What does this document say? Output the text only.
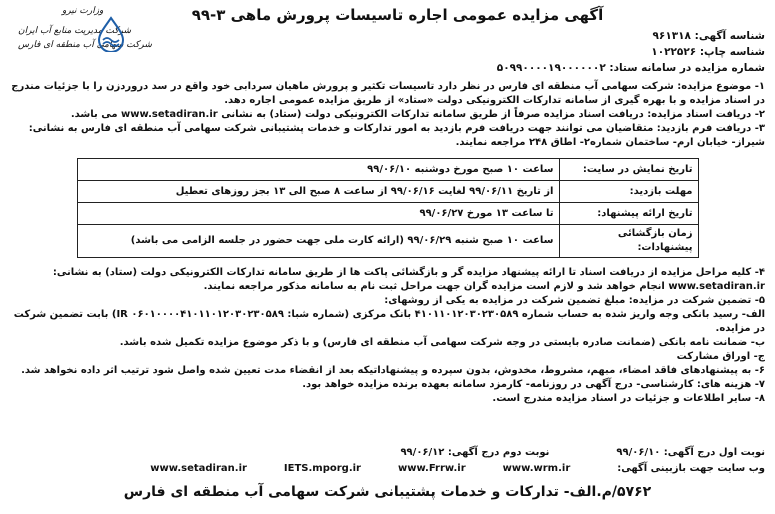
وزارت نیرو
شرکت مدیریت منابع آب ایران
شرکت سهامی آب منطقه ای فارس
آگهی مزایده عمومی اجاره تاسیسات پرورش ماهی ۳-۹۹
شناسه آگهی: ۹۶۱۳۱۸
شناسه چاپ: ۱۰۲۲۵۲۶
شماره مزایده در سامانه ستاد: ۵۰۹۹۰۰۰۰۱۹۰۰۰۰۰۰۲

۱- موضوع مزایده: شرکت سهامی آب منطقه ای فارس در نظر دارد تاسیسات تکثیر و پرورش ماهیان سردابی خود واقع در سد دروردزن را با جزئیات مندرج در اسناد مزایده و با بهره گیری از سامانه تدارکات الکترونیکی دولت «ستاد» از طریق مزایده عمومی اجاره دهد.

۲- دریافت اسناد مزایده: دریافت اسناد مزایده صرفاً از طریق سامانه تدارکات الکترونیکی دولت (ستاد) به نشانی www.setadiran.ir می باشد.

۳- دریافت فرم بازدید: متقاضیان می توانند جهت دریافت فرم بازدید به امور تدارکات و خدمات پشتیبانی شرکت سهامی آب منطقه ای فارس به نشانی: شیراز- خیابان ارم- ساختمان شماره۲- اطاق ۲۴۸ مراجعه نمایند.

تاریخ نمایش در سایت:	ساعت ۱۰ صبح مورخ دوشنبه ۹۹/۰۶/۱۰
مهلت بازدید:	از تاریخ ۹۹/۰۶/۱۱ لغایت ۹۹/۰۶/۱۶ از ساعت ۸ صبح الی ۱۳ بجز روزهای تعطیل
تاریخ ارائه پیشنهاد:	تا ساعت ۱۳ مورخ ۹۹/۰۶/۲۷
زمان بازگشائی پیشنهادات:	ساعت ۱۰ صبح شنبه ۹۹/۰۶/۲۹ (ارائه کارت ملی جهت حضور در جلسه الزامی می باشد)

۴- کلیه مراحل مزایده از دریافت اسناد تا ارائه پیشنهاد مزایده گر و بازگشائی پاکت ها از طریق سامانه تدارکات الکترونیکی دولت (ستاد) به نشانی: www.setadiran.ir انجام خواهد شد و لازم است مزایده گران جهت مراحل ثبت نام به سامانه مذکور مراجعه نمایند.

۵- تضمین شرکت در مزایده: مبلغ تضمین شرکت در مزایده به یکی از روشهای:

الف- رسید بانکی وجه واریز شده به حساب شماره ۴۱۰۱۱۰۱۲۰۳۰۲۳۰۵۸۹ بانک مرکزی (شماره شبا: IR ۰۶۰۱۰۰۰۰۴۱۰۱۱۰۱۲۰۳۰۲۳۰۵۸۹) بابت تضمین شرکت در مزایده.

ب- ضمانت نامه بانکی (ضمانت صادره بایستی در وجه شرکت سهامی آب منطقه ای فارس) و با ذکر موضوع مزایده تکمیل شده باشد.

ج- اوراق مشارکت

۶- به پیشنهادهای فاقد امضاء، مبهم، مشروط، مخدوش، بدون سپرده و پیشنهاداتیکه بعد از انقضاء مدت تعیین شده واصل شود ترتیب اثر داده نخواهد شد.

۷- هزینه های: کارشناسی- درج آگهی در روزنامه- کارمزد سامانه بعهده برنده مزایده خواهد بود.

۸- سایر اطلاعات و جزئیات در اسناد مزایده مندرج است.

نوبت اول درج آگهی: ۹۹/۰۶/۱۰  نوبت دوم درج آگهی: ۹۹/۰۶/۱۲
وب سایت جهت بازبینی آگهی:  www.wrm.ir  www.Frrw.ir  IETS.mporg.ir  www.setadiran.ir
۵۷۶۲/م.الف- تدارکات و خدمات پشتیبانی شرکت سهامی آب منطقه ای فارس
